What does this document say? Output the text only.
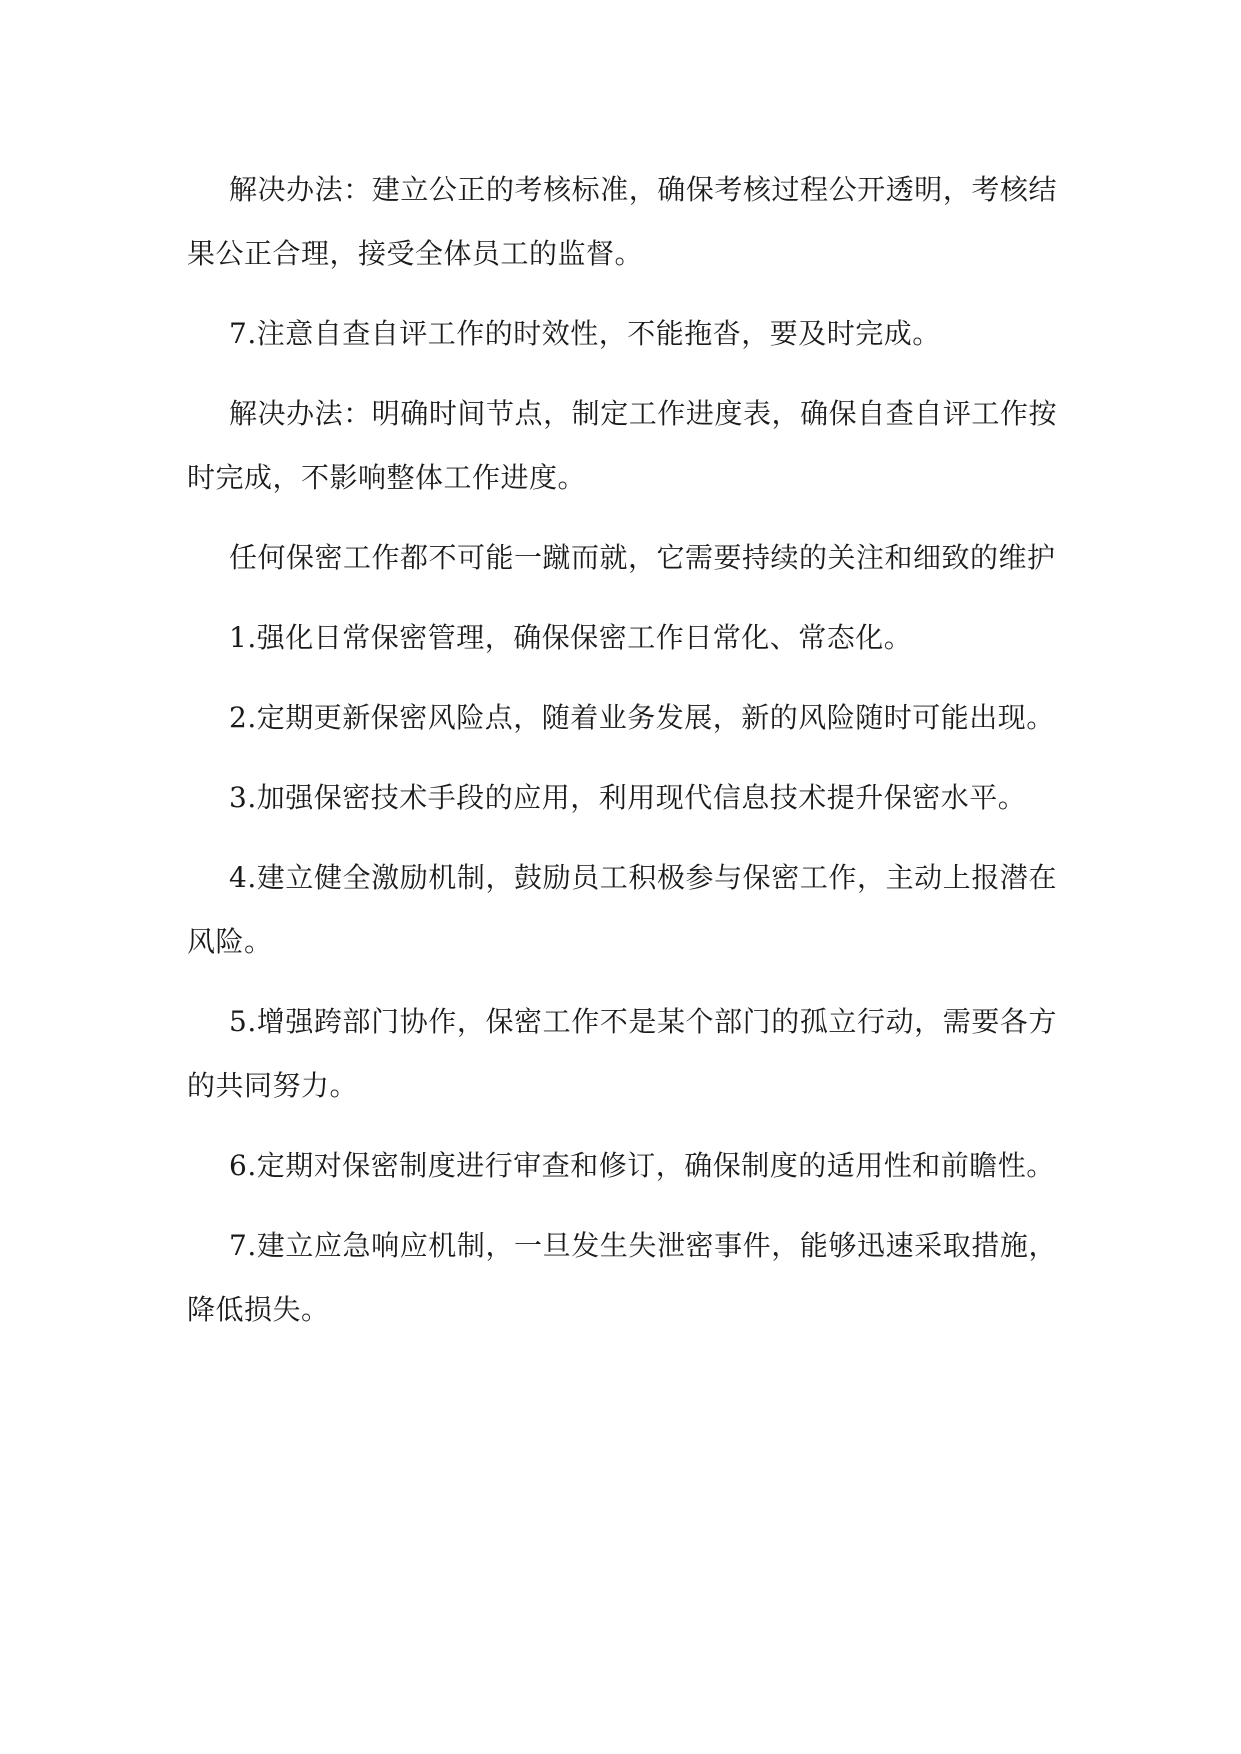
解决办法：建立公正的考核标准，确保考核过程公开透明，考核结果公正合理，接受全体员工的监督。

7.注意自查自评工作的时效性，不能拖沓，要及时完成。

解决办法：明确时间节点，制定工作进度表，确保自查自评工作按时完成，不影响整体工作进度。

任何保密工作都不可能一蹴而就，它需要持续的关注和细致的维护

1.强化日常保密管理，确保保密工作日常化、常态化。

2.定期更新保密风险点，随着业务发展，新的风险随时可能出现。

3.加强保密技术手段的应用，利用现代信息技术提升保密水平。

4.建立健全激励机制，鼓励员工积极参与保密工作，主动上报潜在风险。

5.增强跨部门协作，保密工作不是某个部门的孤立行动，需要各方的共同努力。

6.定期对保密制度进行审查和修订，确保制度的适用性和前瞻性。

7.建立应急响应机制，一旦发生失泄密事件，能够迅速采取措施，降低损失。
